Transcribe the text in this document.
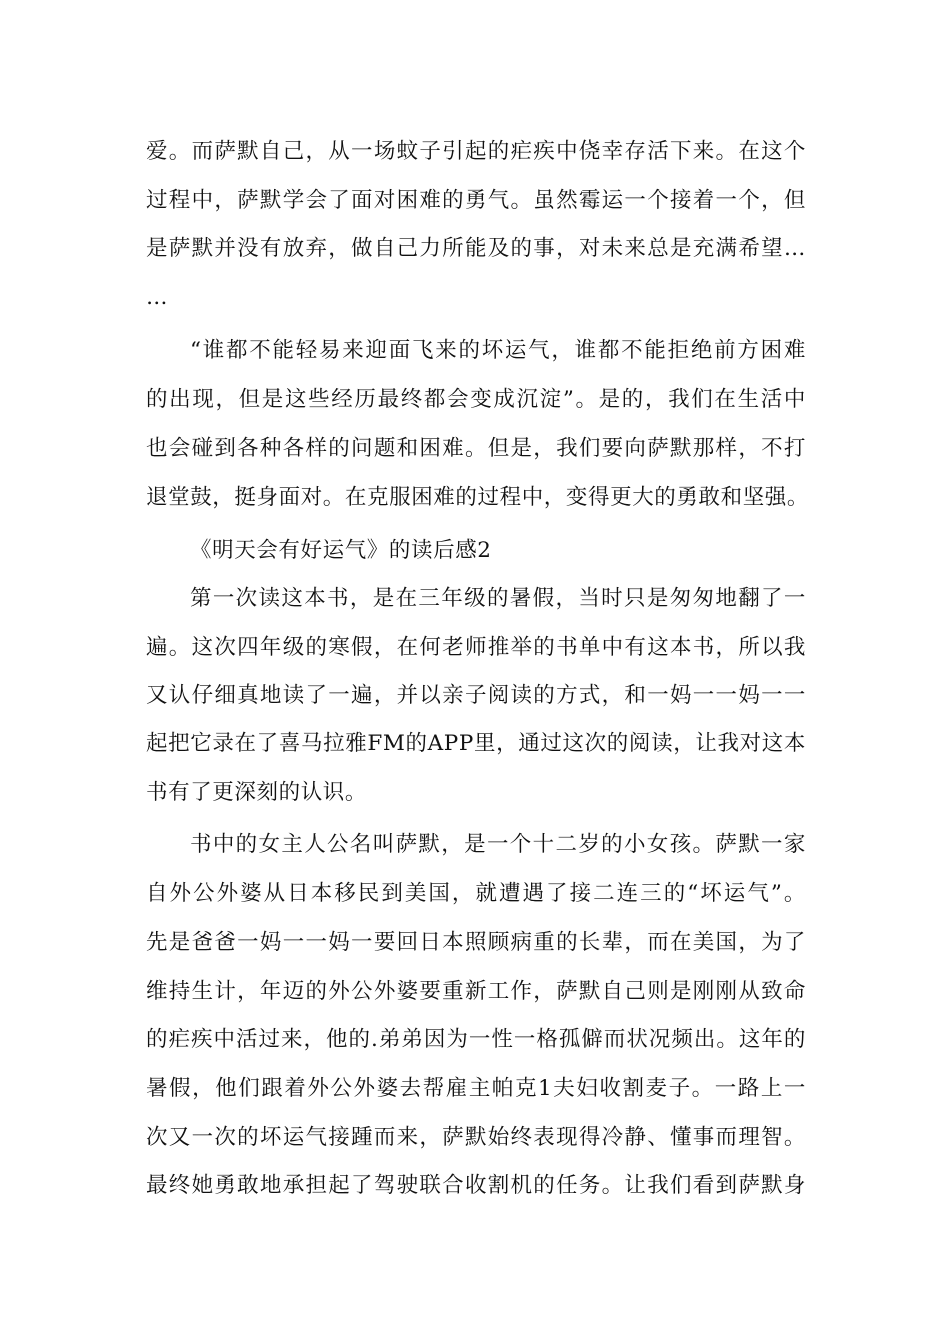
爱。而萨默自己，从一场蚊子引起的疟疾中侥幸存活下来。在这个
过程中，萨默学会了面对困难的勇气。虽然霉运一个接着一个，但
是萨默并没有放弃，做自己力所能及的事，对未来总是充满希望…
…
“谁都不能轻易来迎面飞来的坏运气，谁都不能拒绝前方困难
的出现，但是这些经历最终都会变成沉淀”。是的，我们在生活中
也会碰到各种各样的问题和困难。但是，我们要向萨默那样，不打
退堂鼓，挺身面对。在克服困难的过程中，变得更大的勇敢和坚强。
《明天会有好运气》的读后感2
第一次读这本书，是在三年级的暑假，当时只是匆匆地翻了一
遍。这次四年级的寒假，在何老师推举的书单中有这本书，所以我
又认仔细真地读了一遍，并以亲子阅读的方式，和一妈一一妈一一
起把它录在了喜马拉雅FM的APP里，通过这次的阅读，让我对这本
书有了更深刻的认识。
书中的女主人公名叫萨默，是一个十二岁的小女孩。萨默一家
自外公外婆从日本移民到美国，就遭遇了接二连三的“坏运气”。
先是爸爸一妈一一妈一要回日本照顾病重的长辈，而在美国，为了
维持生计，年迈的外公外婆要重新工作，萨默自己则是刚刚从致命
的疟疾中活过来，他的.弟弟因为一性一格孤僻而状况频出。这年的
暑假，他们跟着外公外婆去帮雇主帕克1夫妇收割麦子。一路上一
次又一次的坏运气接踵而来，萨默始终表现得冷静、懂事而理智。
最终她勇敢地承担起了驾驶联合收割机的任务。让我们看到萨默身
